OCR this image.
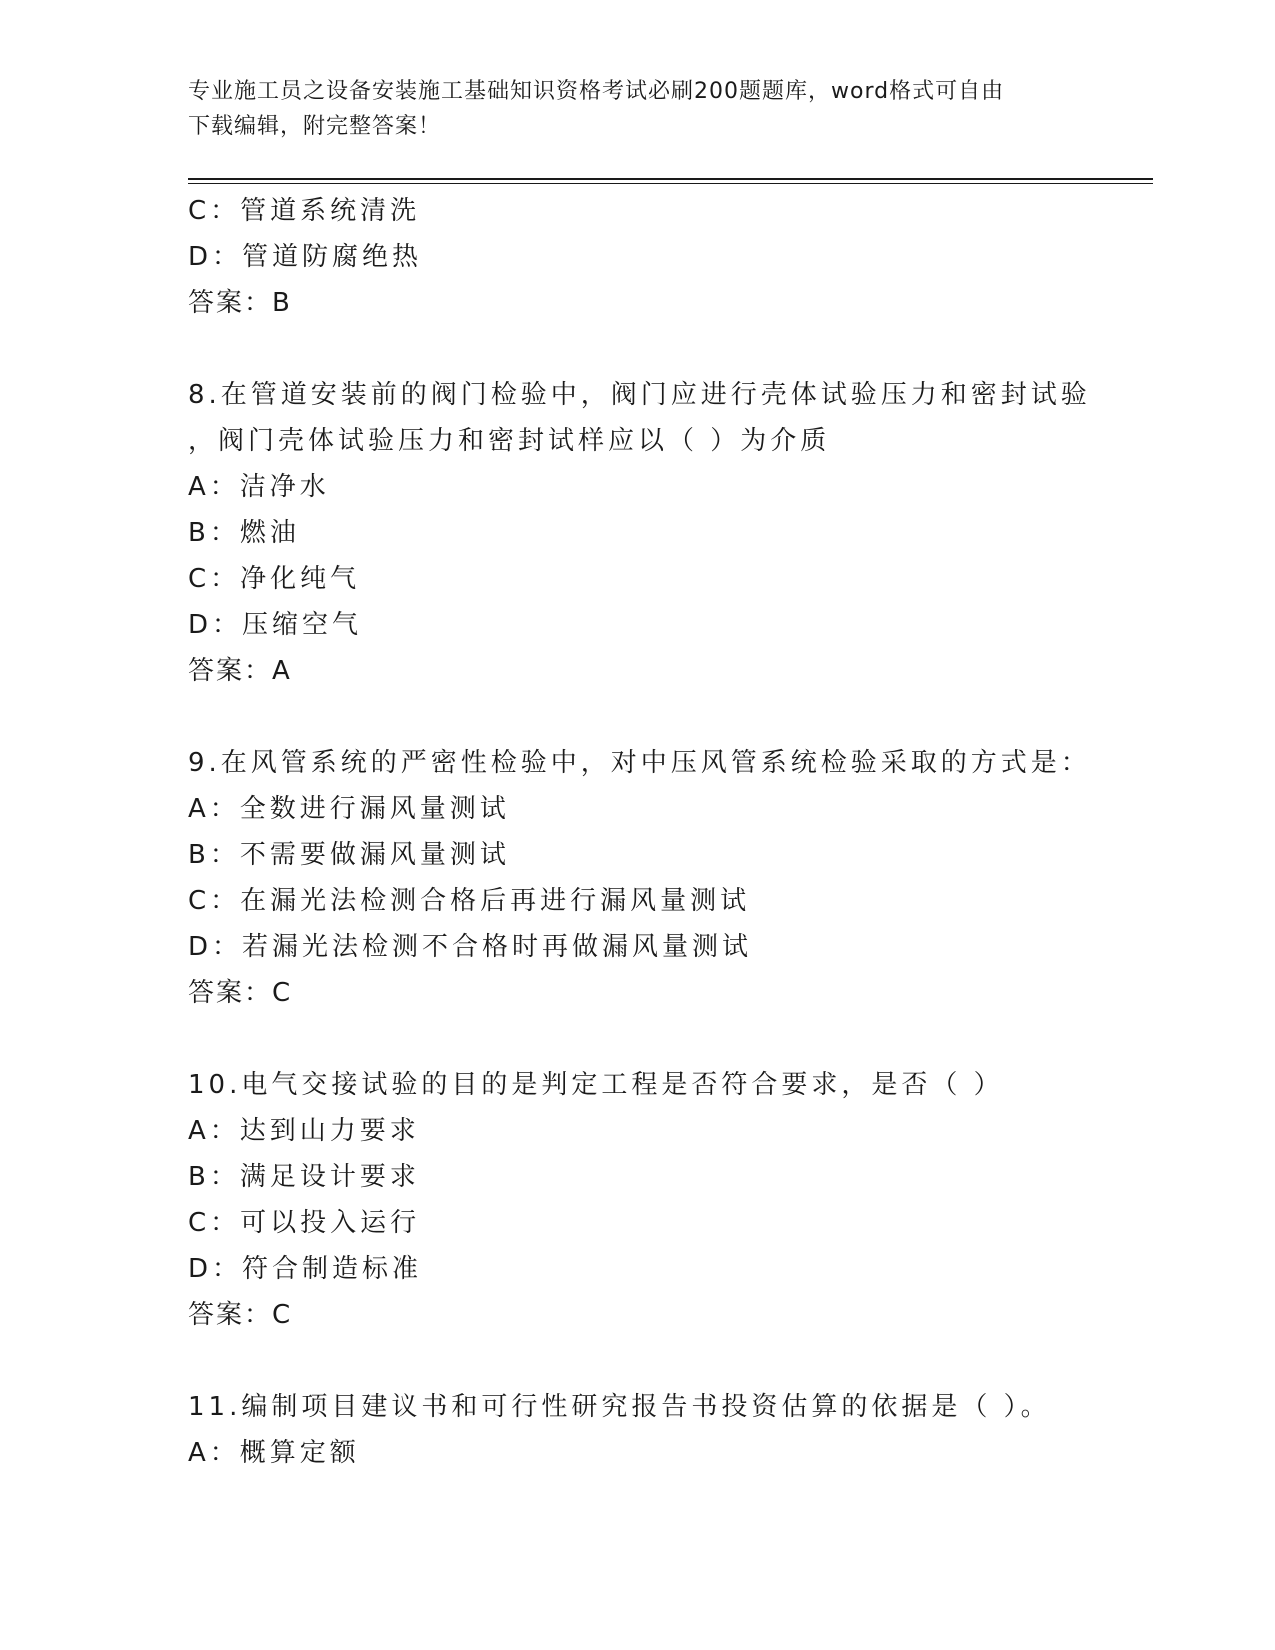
专业施工员之设备安装施工基础知识资格考试必刷200题题库，word格式可自由
下载编辑，附完整答案！
C：管道系统清洗
D：管道防腐绝热
答案：B
8.在管道安装前的阀门检验中，阀门应进行壳体试验压力和密封试验
，阀门壳体试验压力和密封试样应以（ ）为介质
A：洁净水
B：燃油
C：净化纯气
D：压缩空气
答案：A
9.在风管系统的严密性检验中，对中压风管系统检验采取的方式是：
A：全数进行漏风量测试
B：不需要做漏风量测试
C：在漏光法检测合格后再进行漏风量测试
D：若漏光法检测不合格时再做漏风量测试
答案：C
10.电气交接试验的目的是判定工程是否符合要求，是否（ ）
A：达到山力要求
B：满足设计要求
C：可以投入运行
D：符合制造标准
答案：C
11.编制项目建议书和可行性研究报告书投资估算的依据是（ ）。
A：概算定额
